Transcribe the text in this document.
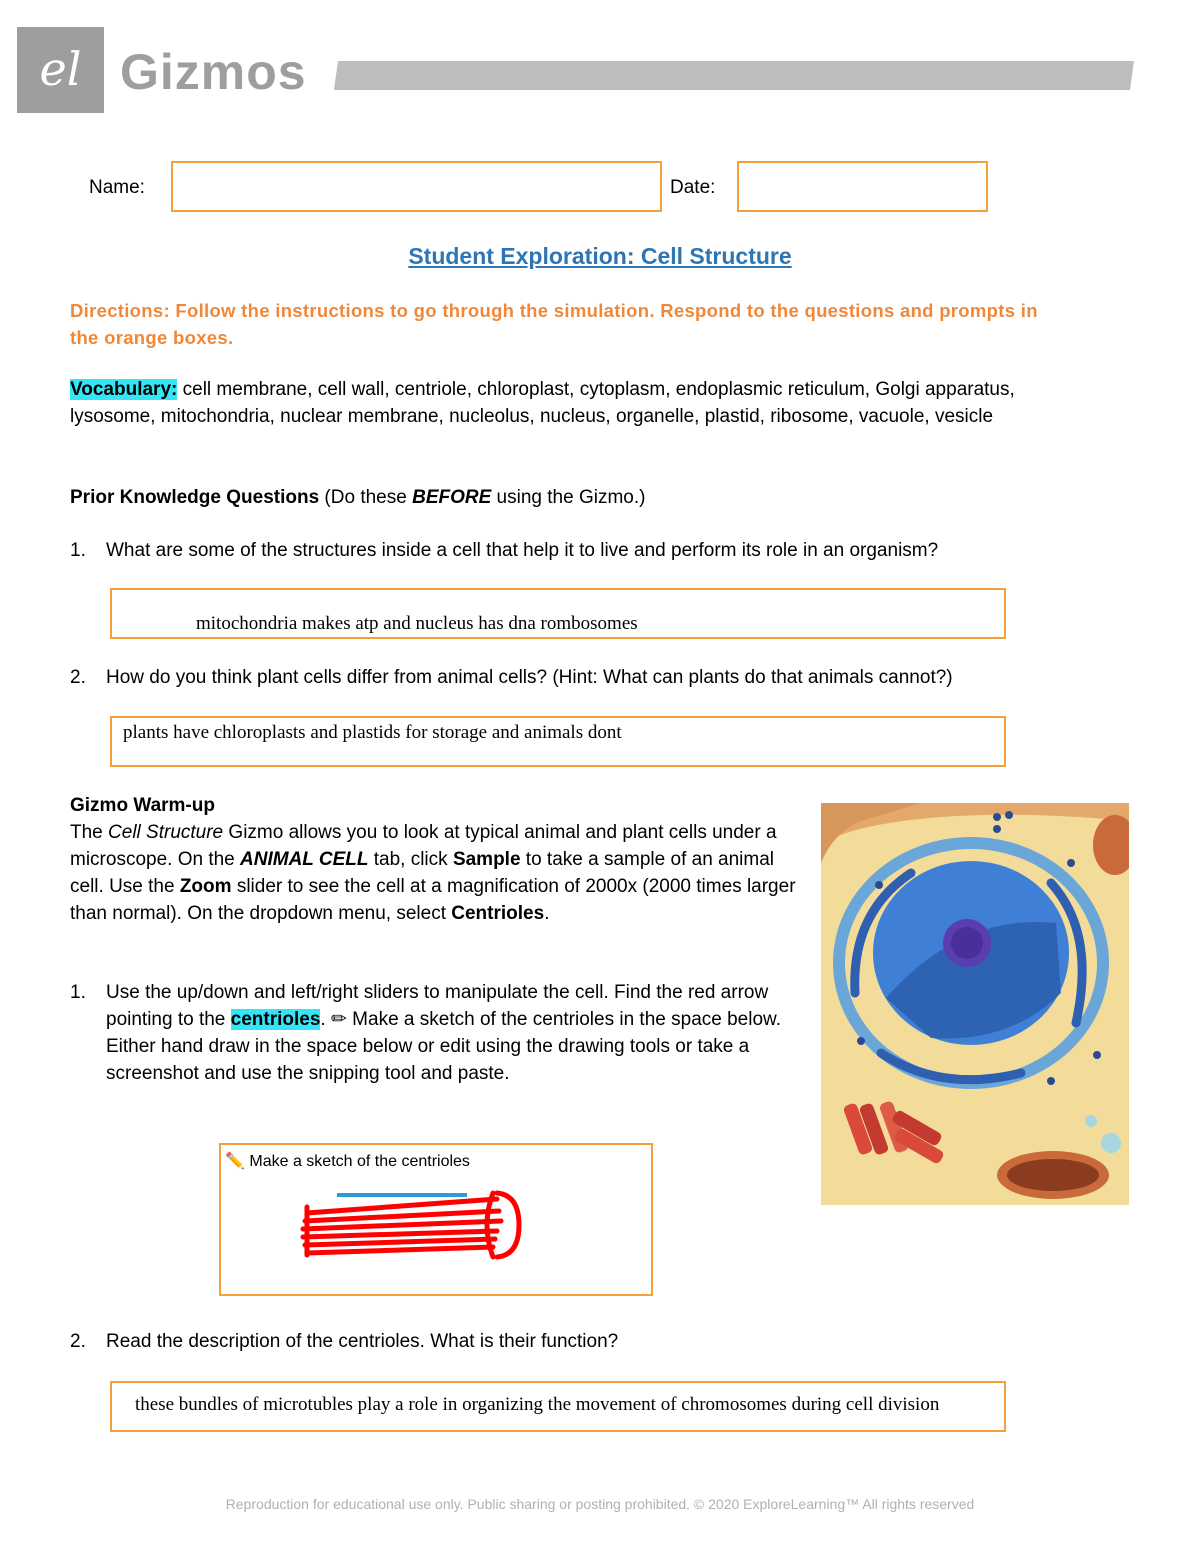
el Gizmos
Name:	Date:
Student Exploration: Cell Structure
Directions: Follow the instructions to go through the simulation. Respond to the questions and prompts in the orange boxes.
Vocabulary: cell membrane, cell wall, centriole, chloroplast, cytoplasm, endoplasmic reticulum, Golgi apparatus, lysosome, mitochondria, nuclear membrane, nucleolus, nucleus, organelle, plastid, ribosome, vacuole, vesicle
Prior Knowledge Questions (Do these BEFORE using the Gizmo.)
1. What are some of the structures inside a cell that help it to live and perform its role in an organism?
mitochondria makes atp and nucleus has dna rombosomes
2. How do you think plant cells differ from animal cells? (Hint: What can plants do that animals cannot?)
plants have chloroplasts and plastids for storage and animals dont
Gizmo Warm-up
The Cell Structure Gizmo allows you to look at typical animal and plant cells under a microscope. On the ANIMAL CELL tab, click Sample to take a sample of an animal cell. Use the Zoom slider to see the cell at a magnification of 2000x (2000 times larger than normal). On the dropdown menu, select Centrioles.
1. Use the up/down and left/right sliders to manipulate the cell. Find the red arrow pointing to the centrioles. ✏ Make a sketch of the centrioles in the space below. Either hand draw in the space below or edit using the drawing tools or take a screenshot and use the snipping tool and paste.
✏️ Make a sketch of the centrioles
2. Read the description of the centrioles. What is their function?
these bundles of microtubles play a role in organizing the movement of chromosomes during cell division
Reproduction for educational use only. Public sharing or posting prohibited. © 2020 ExploreLearning™ All rights reserved
